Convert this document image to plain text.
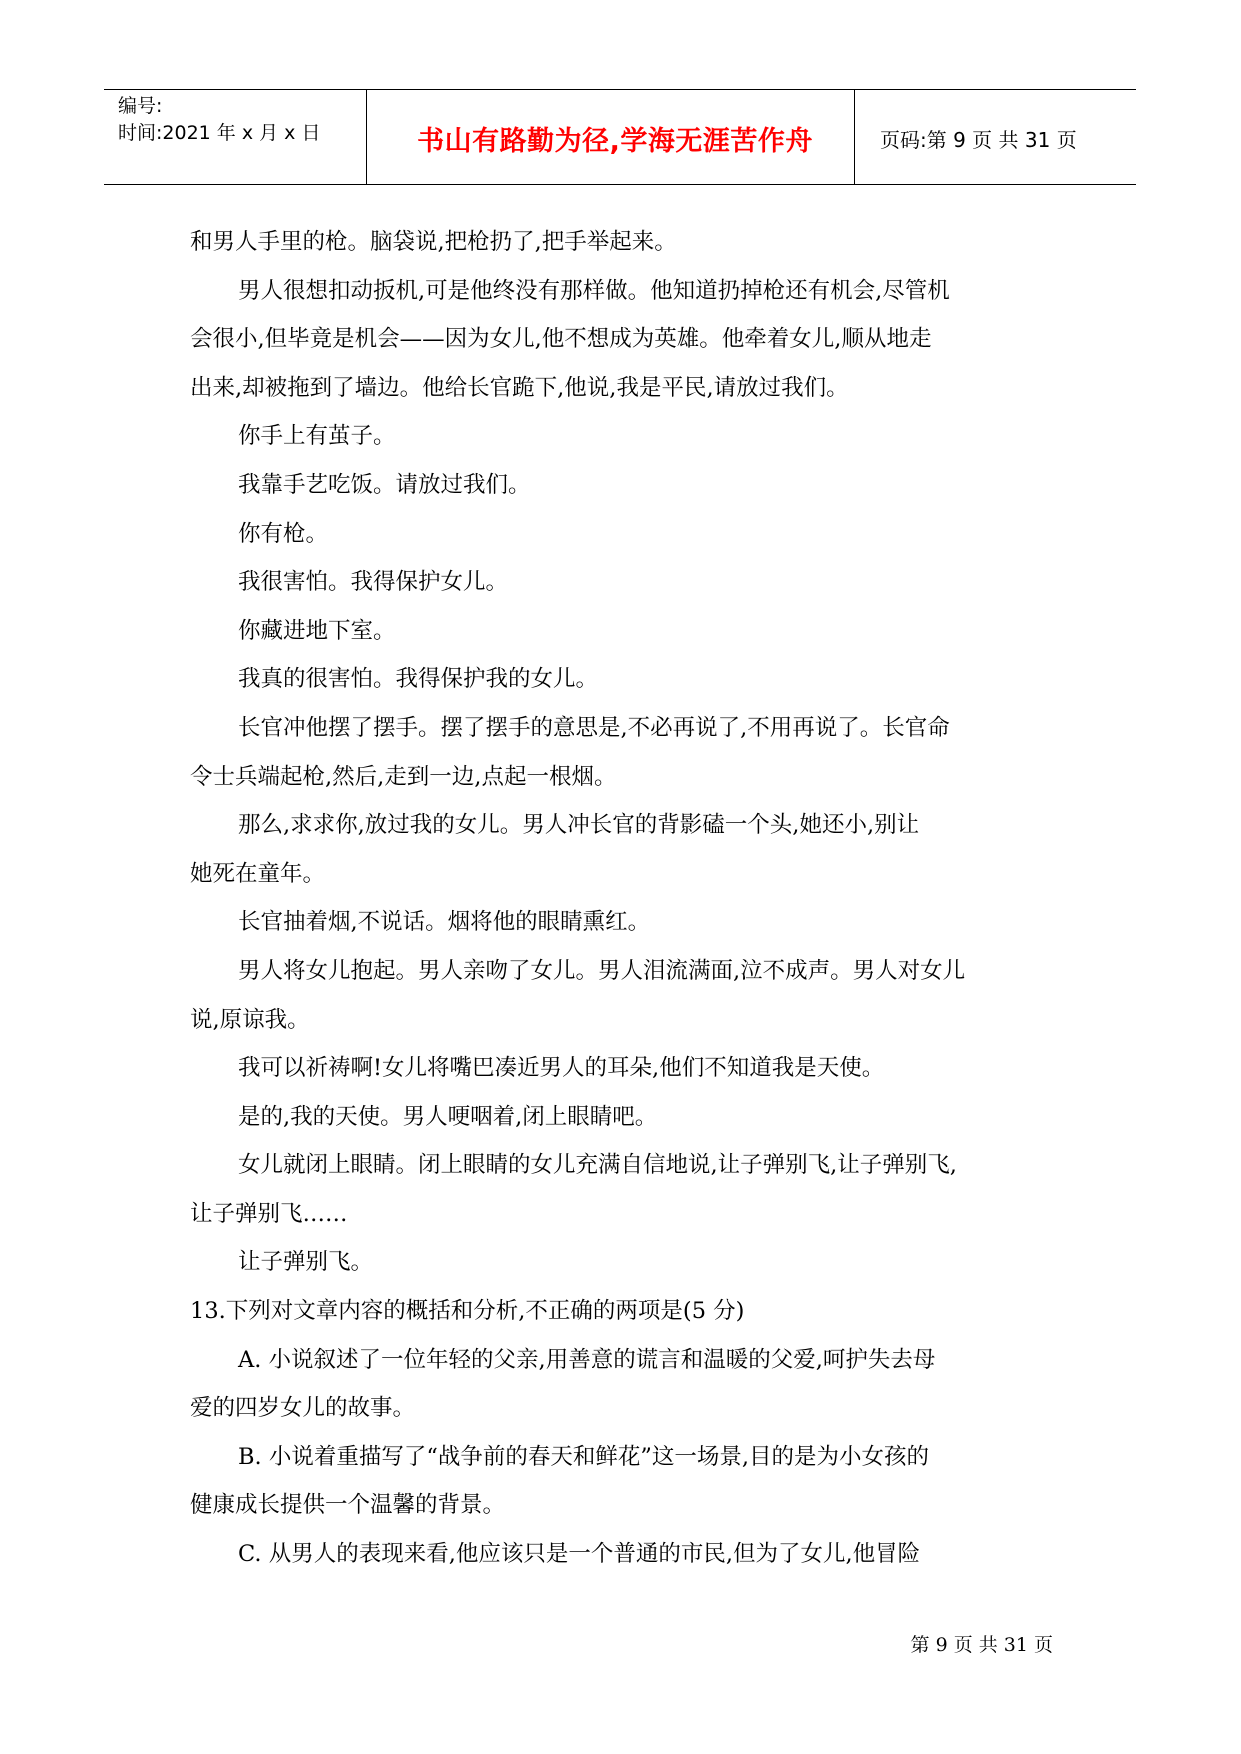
编号:
时间:2021 年 x 月 x 日	书山有路勤为径,学海无涯苦作舟	页码:第 9 页 共 31 页

和男人手里的枪。脑袋说,把枪扔了,把手举起来。

男人很想扣动扳机,可是他终没有那样做。他知道扔掉枪还有机会,尽管机

会很小,但毕竟是机会——因为女儿,他不想成为英雄。他牵着女儿,顺从地走

出来,却被拖到了墙边。他给长官跪下,他说,我是平民,请放过我们。

你手上有茧子。

我靠手艺吃饭。请放过我们。

你有枪。

我很害怕。我得保护女儿。

你藏进地下室。

我真的很害怕。我得保护我的女儿。

长官冲他摆了摆手。摆了摆手的意思是,不必再说了,不用再说了。长官命

令士兵端起枪,然后,走到一边,点起一根烟。

那么,求求你,放过我的女儿。男人冲长官的背影磕一个头,她还小,别让

她死在童年。

长官抽着烟,不说话。烟将他的眼睛熏红。

男人将女儿抱起。男人亲吻了女儿。男人泪流满面,泣不成声。男人对女儿

说,原谅我。

我可以祈祷啊!女儿将嘴巴凑近男人的耳朵,他们不知道我是天使。

是的,我的天使。男人哽咽着,闭上眼睛吧。

女儿就闭上眼睛。闭上眼睛的女儿充满自信地说,让子弹别飞,让子弹别飞,

让子弹别飞……

让子弹别飞。

13.下列对文章内容的概括和分析,不正确的两项是(5 分)

A. 小说叙述了一位年轻的父亲,用善意的谎言和温暖的父爱,呵护失去母

爱的四岁女儿的故事。

B. 小说着重描写了“战争前的春天和鲜花”这一场景,目的是为小女孩的

健康成长提供一个温馨的背景。

C. 从男人的表现来看,他应该只是一个普通的市民,但为了女儿,他冒险

第 9 页 共 31 页
